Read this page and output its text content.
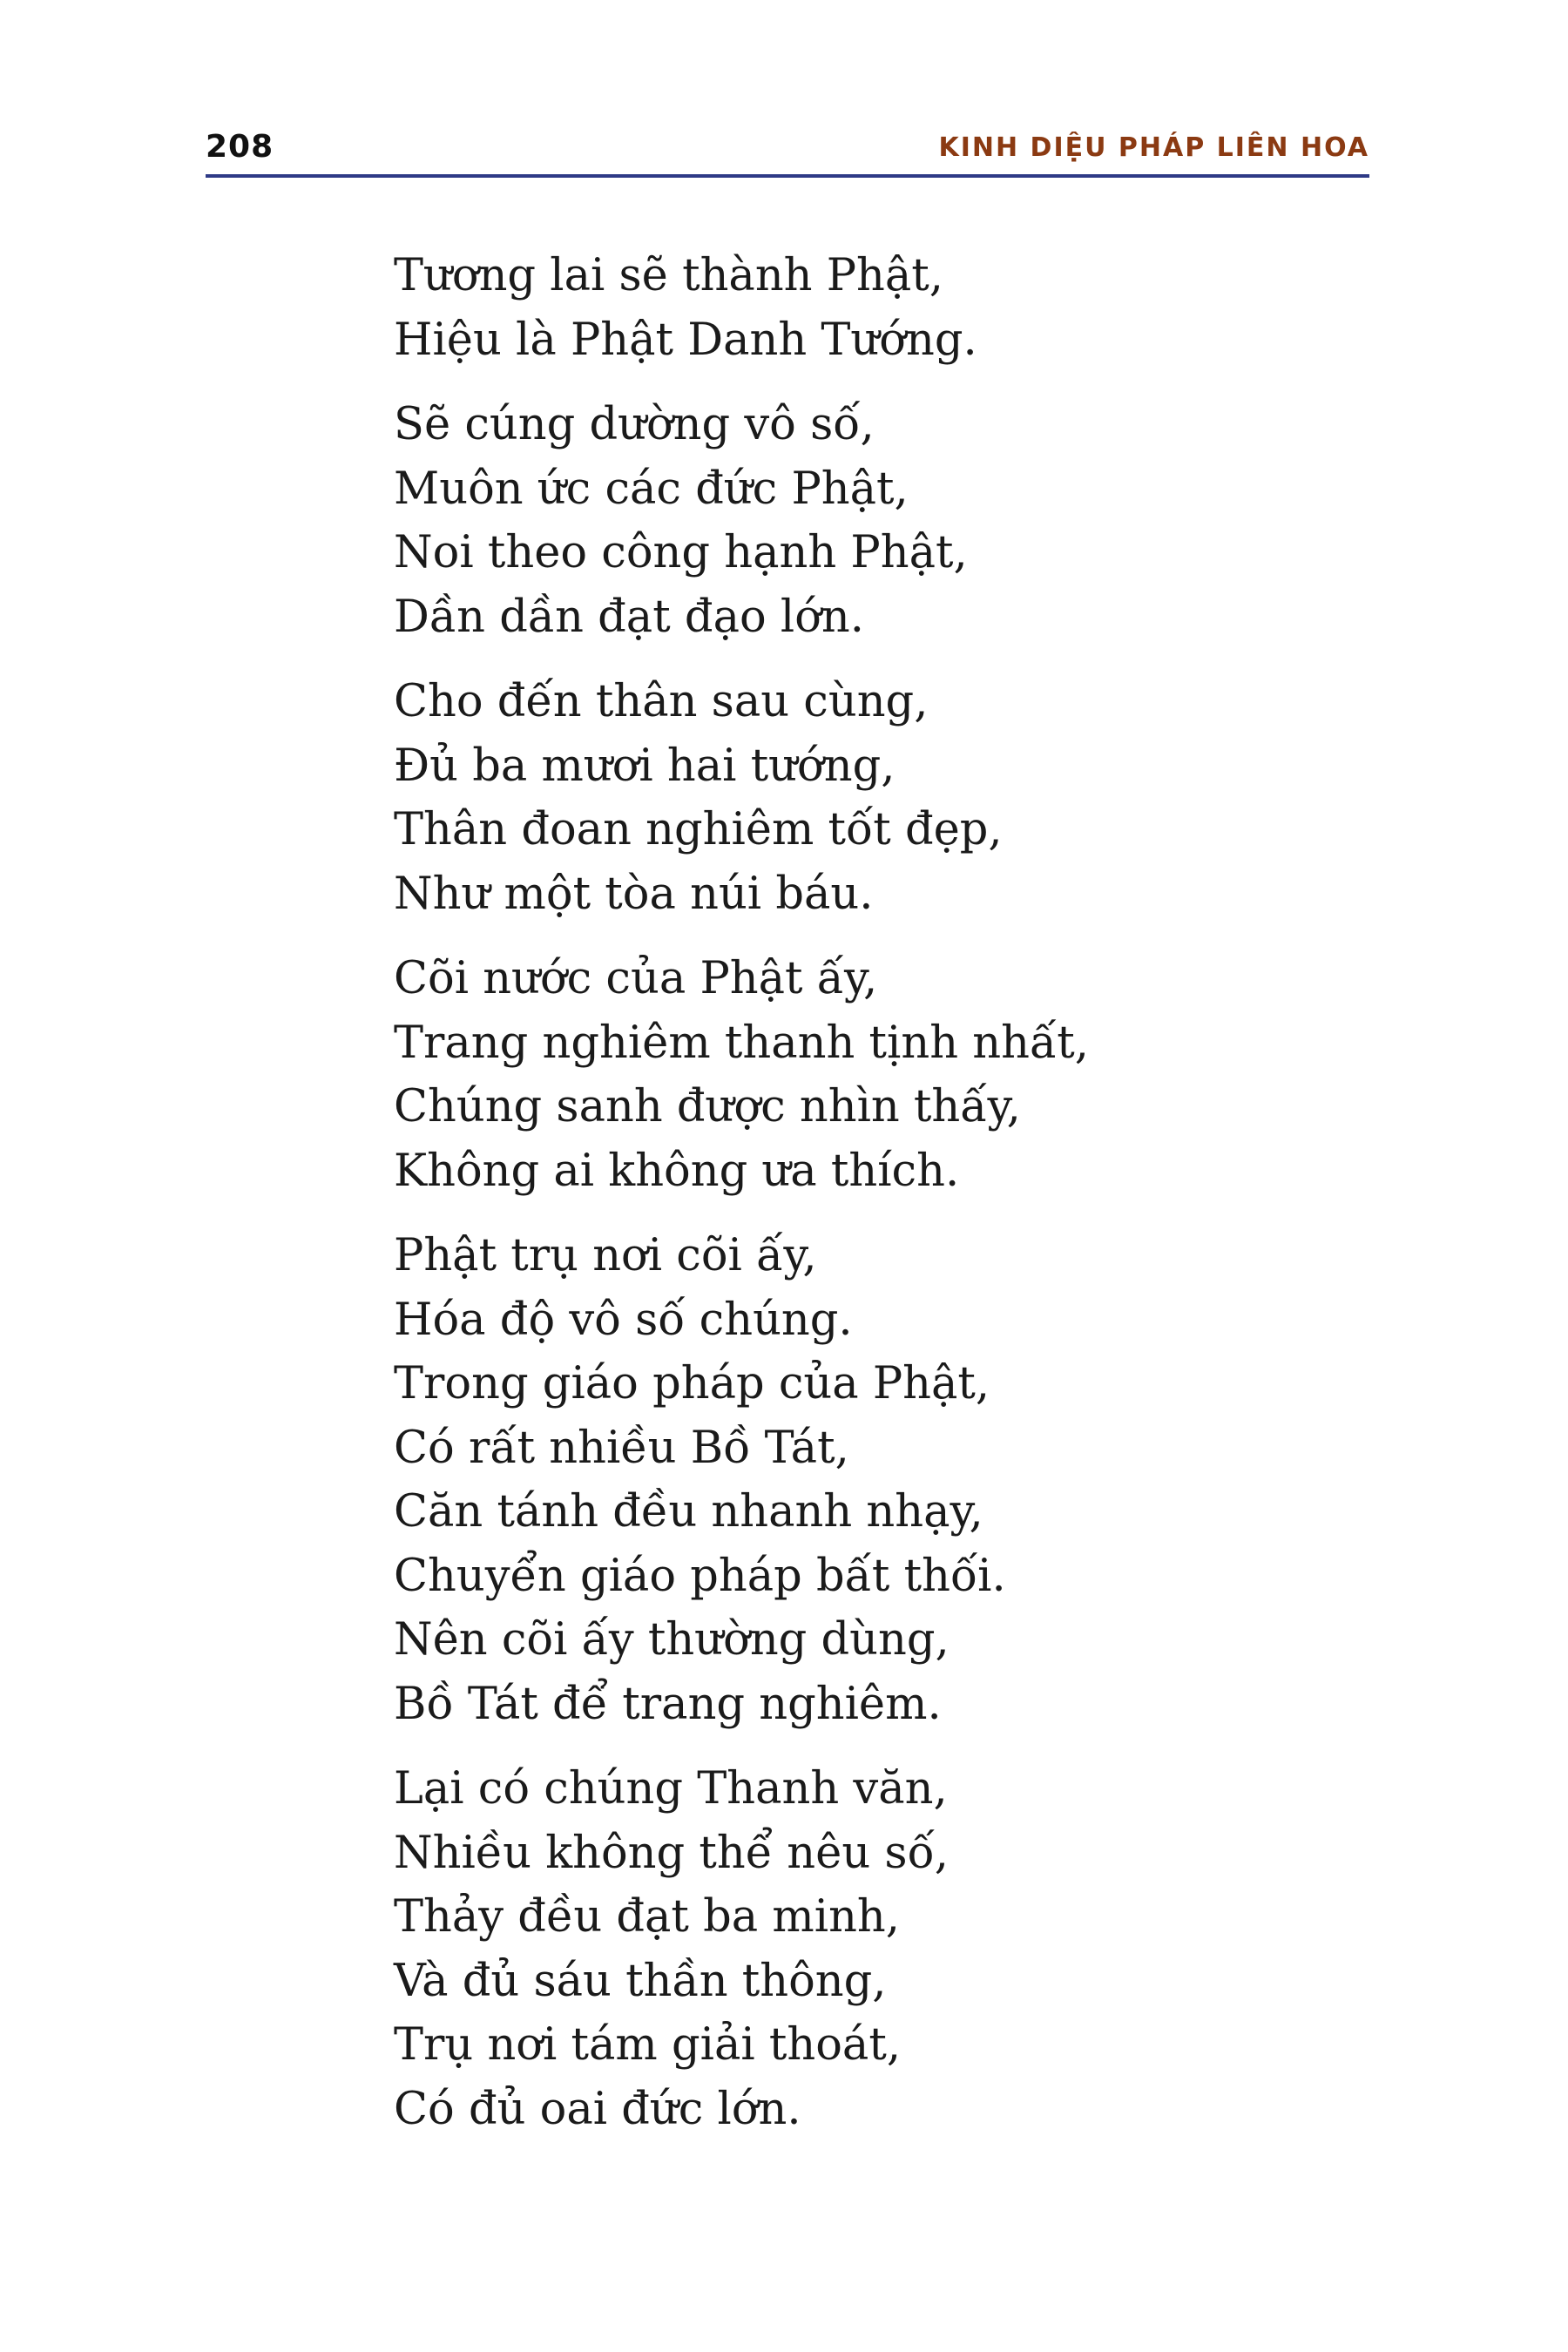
208	KINH DIỆU PHÁP LIÊN HOA
Tương lai sẽ thành Phật,
Hiệu là Phật Danh Tướng.
Sẽ cúng dường vô số,
Muôn ức các đức Phật,
Noi theo công hạnh Phật,
Dần dần đạt đạo lớn.
Cho đến thân sau cùng,
Đủ ba mươi hai tướng,
Thân đoan nghiêm tốt đẹp,
Như một tòa núi báu.
Cõi nước của Phật ấy,
Trang nghiêm thanh tịnh nhất,
Chúng sanh được nhìn thấy,
Không ai không ưa thích.
Phật trụ nơi cõi ấy,
Hóa độ vô số chúng.
Trong giáo pháp của Phật,
Có rất nhiều Bồ Tát,
Căn tánh đều nhanh nhạy,
Chuyển giáo pháp bất thối.
Nên cõi ấy thường dùng,
Bồ Tát để trang nghiêm.
Lại có chúng Thanh văn,
Nhiều không thể nêu số,
Thảy đều đạt ba minh,
Và đủ sáu thần thông,
Trụ nơi tám giải thoát,
Có đủ oai đức lớn.
